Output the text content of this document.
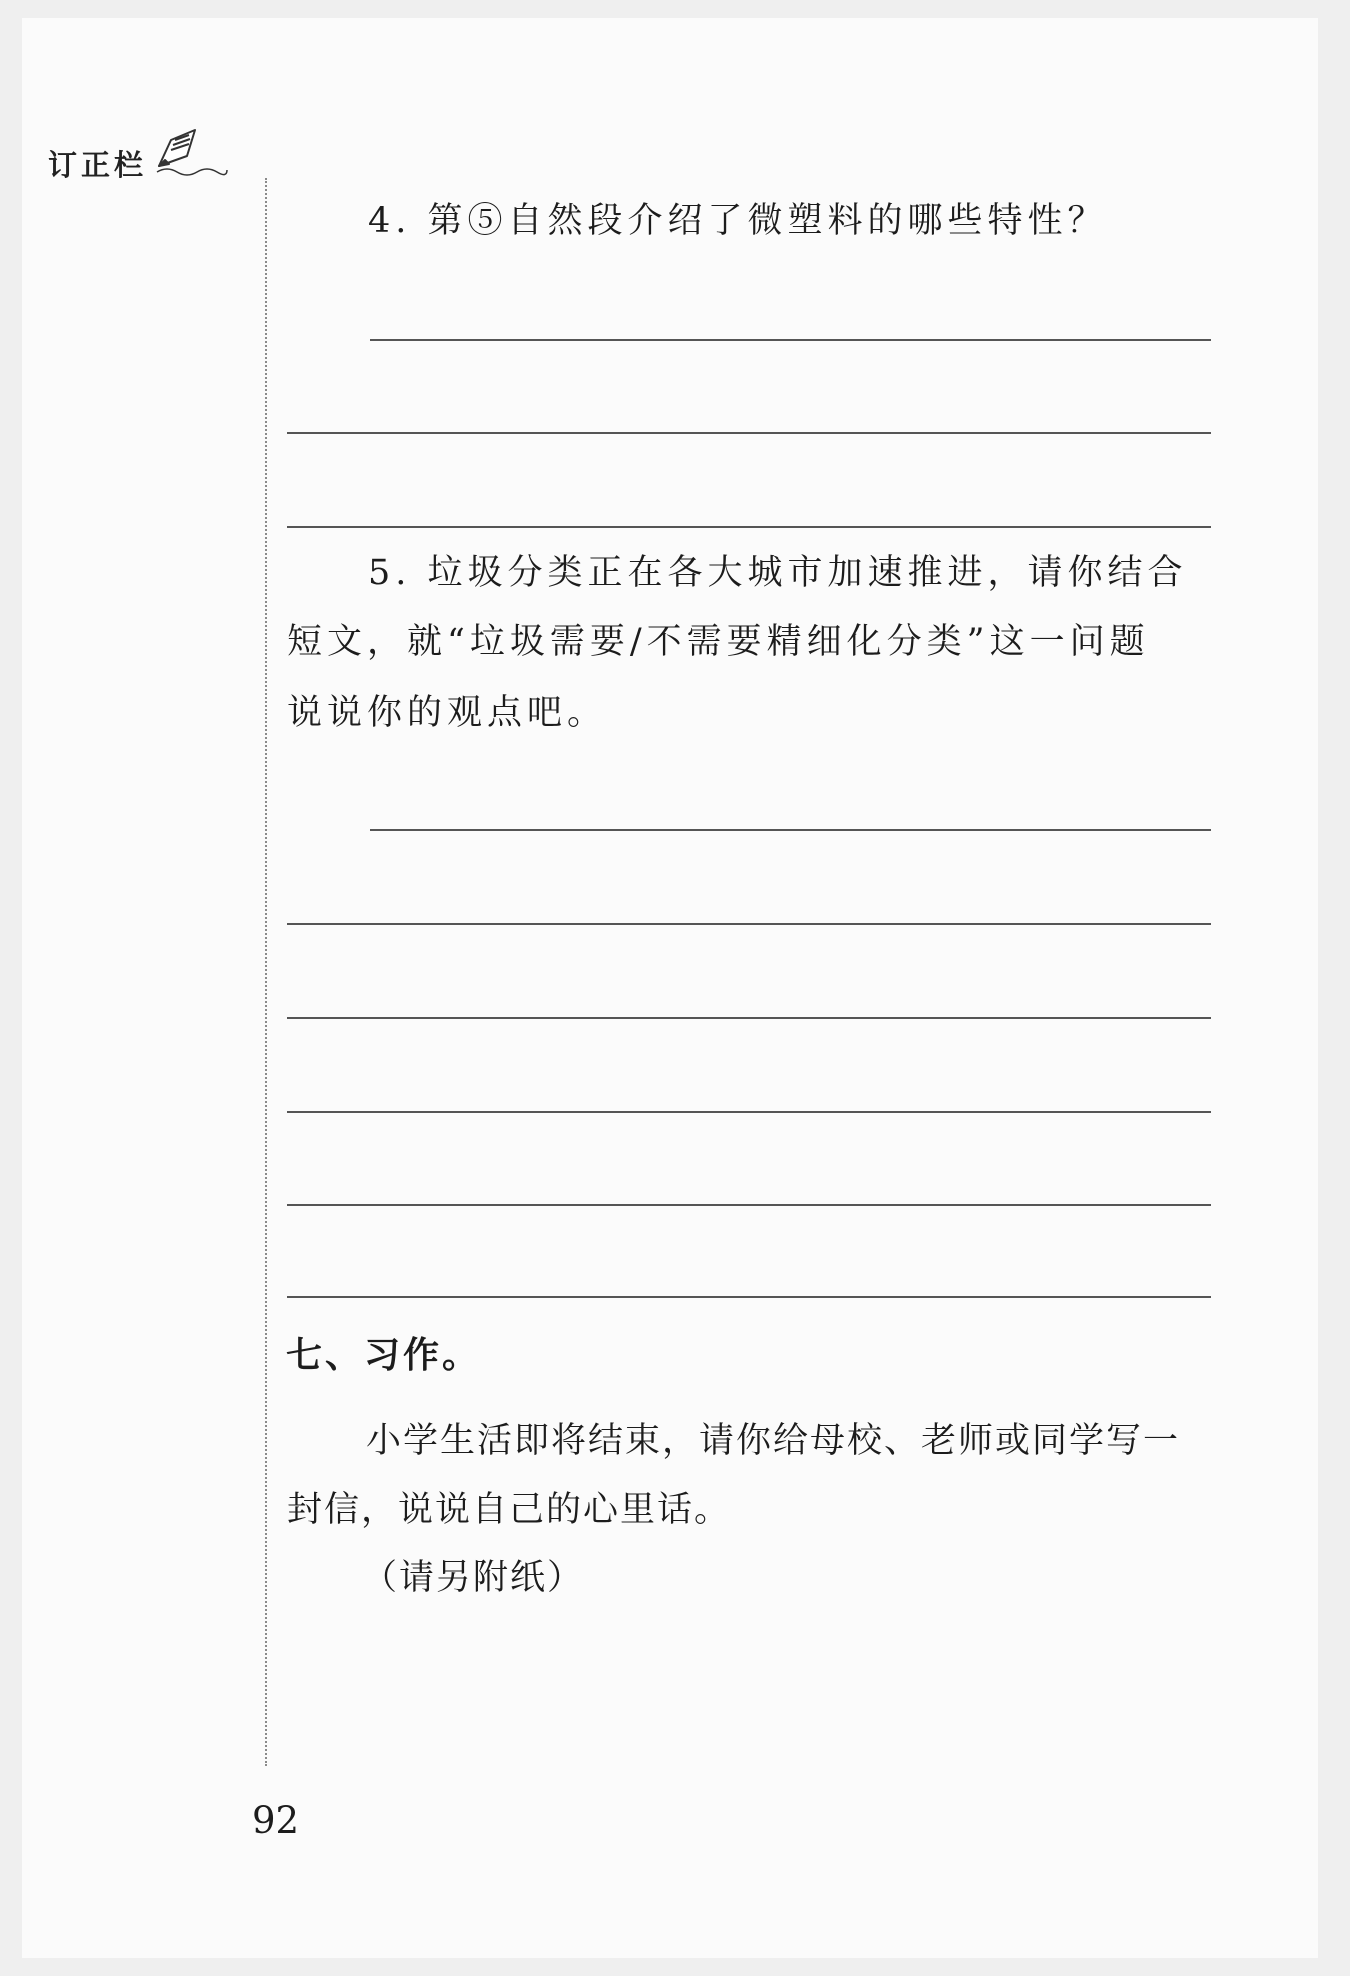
订正栏
4. 第⑤自然段介绍了微塑料的哪些特性？
5. 垃圾分类正在各大城市加速推进，请你结合
短文，就“垃圾需要/不需要精细化分类”这一问题
说说你的观点吧。
七、习作。
小学生活即将结束，请你给母校、老师或同学写一
封信，说说自己的心里话。
（请另附纸）
92
